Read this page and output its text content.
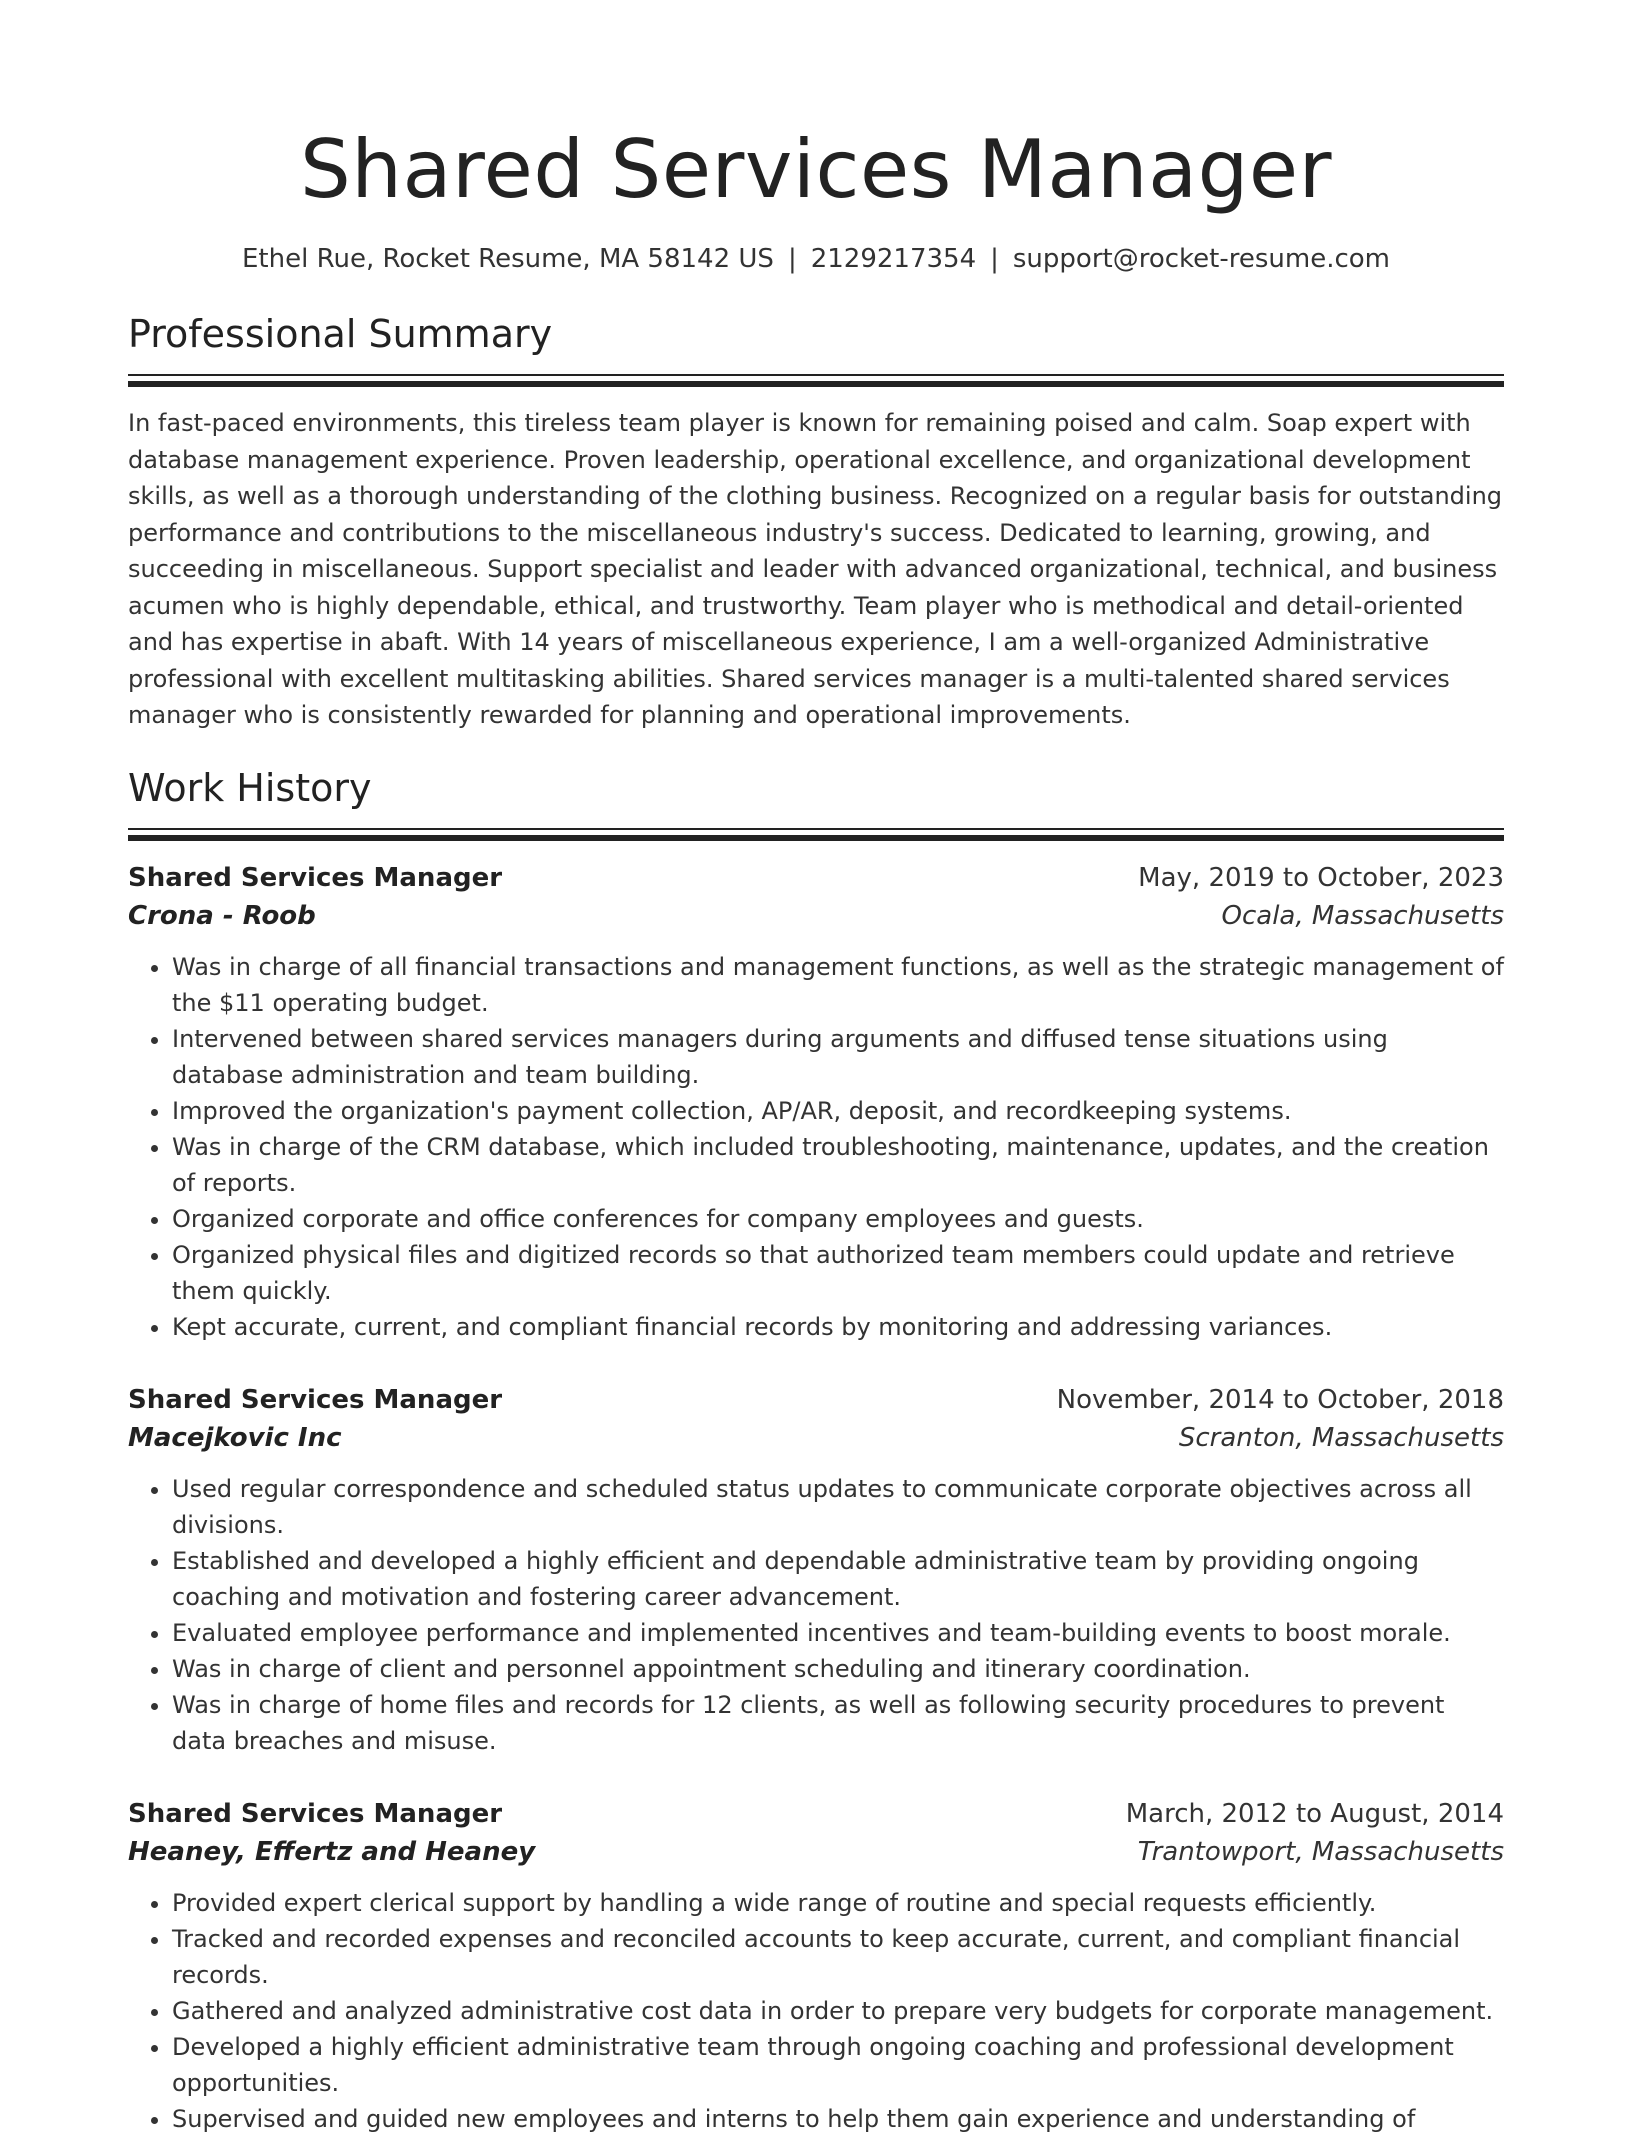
Shared Services Manager
Ethel Rue, Rocket Resume, MA 58142 US | 2129217354 | support@rocket-resume.com
Professional Summary

In fast-paced environments, this tireless team player is known for remaining poised and calm. Soap expert with database management experience. Proven leadership, operational excellence, and organizational development skills, as well as a thorough understanding of the clothing business. Recognized on a regular basis for outstanding performance and contributions to the miscellaneous industry's success. Dedicated to learning, growing, and succeeding in miscellaneous. Support specialist and leader with advanced organizational, technical, and business acumen who is highly dependable, ethical, and trustworthy. Team player who is methodical and detail-oriented and has expertise in abaft. With 14 years of miscellaneous experience, I am a well-organized Administrative professional with excellent multitasking abilities. Shared services manager is a multi-talented shared services manager who is consistently rewarded for planning and operational improvements.

Work History
Shared Services Manager	May, 2019 to October, 2023
Crona - Roob	Ocala, Massachusetts
• Was in charge of all financial transactions and management functions, as well as the strategic management of the $11 operating budget.
• Intervened between shared services managers during arguments and diffused tense situations using database administration and team building.
• Improved the organization's payment collection, AP/AR, deposit, and recordkeeping systems.
• Was in charge of the CRM database, which included troubleshooting, maintenance, updates, and the creation of reports.
• Organized corporate and office conferences for company employees and guests.
• Organized physical files and digitized records so that authorized team members could update and retrieve them quickly.
• Kept accurate, current, and compliant financial records by monitoring and addressing variances.
Shared Services Manager	November, 2014 to October, 2018
Macejkovic Inc	Scranton, Massachusetts
• Used regular correspondence and scheduled status updates to communicate corporate objectives across all divisions.
• Established and developed a highly efficient and dependable administrative team by providing ongoing coaching and motivation and fostering career advancement.
• Evaluated employee performance and implemented incentives and team-building events to boost morale.
• Was in charge of client and personnel appointment scheduling and itinerary coordination.
• Was in charge of home files and records for 12 clients, as well as following security procedures to prevent data breaches and misuse.
Shared Services Manager	March, 2012 to August, 2014
Heaney, Effertz and Heaney	Trantowport, Massachusetts
• Provided expert clerical support by handling a wide range of routine and special requests efficiently.
• Tracked and recorded expenses and reconciled accounts to keep accurate, current, and compliant financial records.
• Gathered and analyzed administrative cost data in order to prepare very budgets for corporate management.
• Developed a highly efficient administrative team through ongoing coaching and professional development opportunities.
• Supervised and guided new employees and interns to help them gain experience and understanding of
